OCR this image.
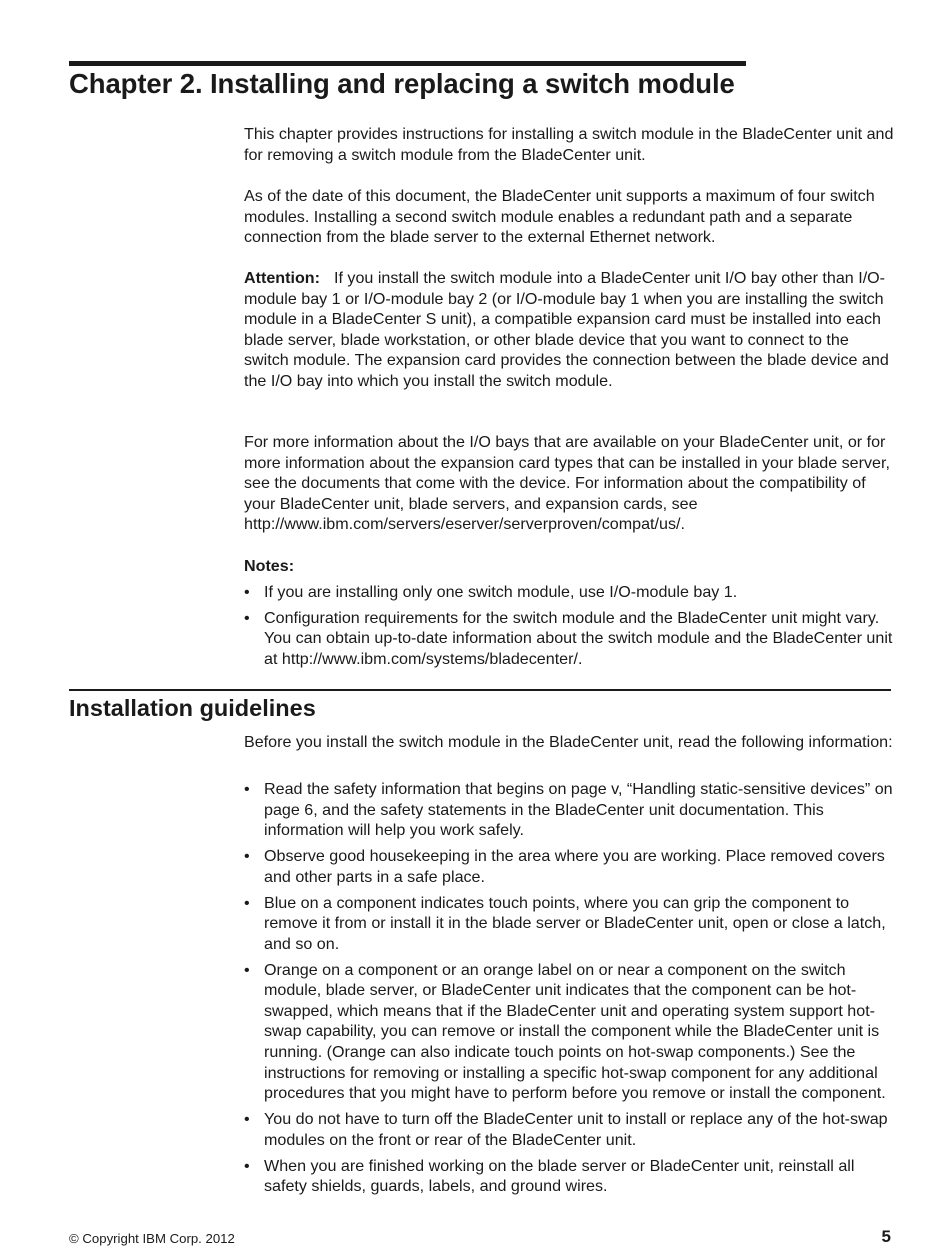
Chapter 2. Installing and replacing a switch module

This chapter provides instructions for installing a switch module in the BladeCenter unit and for removing a switch module from the BladeCenter unit.

As of the date of this document, the BladeCenter unit supports a maximum of four switch modules. Installing a second switch module enables a redundant path and a separate connection from the blade server to the external Ethernet network.

Attention: If you install the switch module into a BladeCenter unit I/O bay other than I/O-module bay 1 or I/O-module bay 2 (or I/O-module bay 1 when you are installing the switch module in a BladeCenter S unit), a compatible expansion card must be installed into each blade server, blade workstation, or other blade device that you want to connect to the switch module. The expansion card provides the connection between the blade device and the I/O bay into which you install the switch module.

For more information about the I/O bays that are available on your BladeCenter unit, or for more information about the expansion card types that can be installed in your blade server, see the documents that come with the device. For information about the compatibility of your BladeCenter unit, blade servers, and expansion cards, see http://www.ibm.com/servers/eserver/serverproven/compat/us/.

Notes:

• If you are installing only one switch module, use I/O-module bay 1.
• Configuration requirements for the switch module and the BladeCenter unit might vary. You can obtain up-to-date information about the switch module and the BladeCenter unit at http://www.ibm.com/systems/bladecenter/.
Installation guidelines

Before you install the switch module in the BladeCenter unit, read the following information:

• Read the safety information that begins on page v, “Handling static-sensitive devices” on page 6, and the safety statements in the BladeCenter unit documentation. This information will help you work safely.
• Observe good housekeeping in the area where you are working. Place removed covers and other parts in a safe place.
• Blue on a component indicates touch points, where you can grip the component to remove it from or install it in the blade server or BladeCenter unit, open or close a latch, and so on.
• Orange on a component or an orange label on or near a component on the switch module, blade server, or BladeCenter unit indicates that the component can be hot-swapped, which means that if the BladeCenter unit and operating system support hot-swap capability, you can remove or install the component while the BladeCenter unit is running. (Orange can also indicate touch points on hot-swap components.) See the instructions for removing or installing a specific hot-swap component for any additional procedures that you might have to perform before you remove or install the component.
• You do not have to turn off the BladeCenter unit to install or replace any of the hot-swap modules on the front or rear of the BladeCenter unit.
• When you are finished working on the blade server or BladeCenter unit, reinstall all safety shields, guards, labels, and ground wires.
© Copyright IBM Corp. 2012	5
